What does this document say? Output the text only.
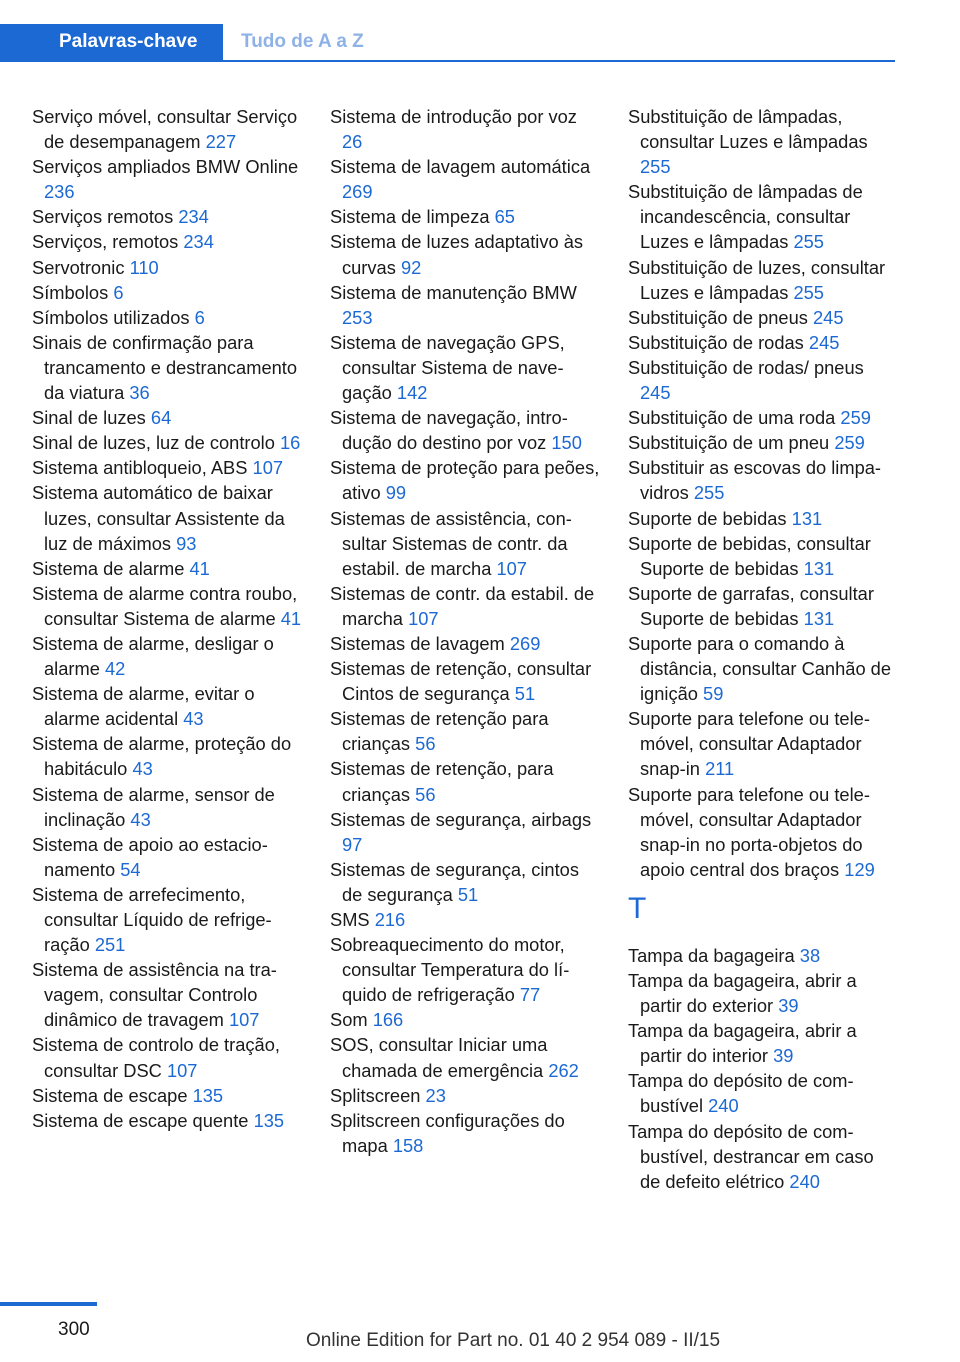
Palavras-chave	Tudo de A a Z
Serviço móvel, consultar Serviço de desempanagem 227
Serviços ampliados BMW Online 236
Serviços remotos 234
Serviços, remotos 234
Servotronic 110
Símbolos 6
Símbolos utilizados 6
Sinais de confirmação para trancamento e destrancamento da viatura 36
Sinal de luzes 64
Sinal de luzes, luz de controlo 16
Sistema antibloqueio, ABS 107
Sistema automático de baixar luzes, consultar Assistente da luz de máximos 93
Sistema de alarme 41
Sistema de alarme contra roubo, consultar Sistema de alarme 41
Sistema de alarme, desligar o alarme 42
Sistema de alarme, evitar o alarme acidental 43
Sistema de alarme, proteção do habitáculo 43
Sistema de alarme, sensor de inclinação 43
Sistema de apoio ao estacionamento 54
Sistema de arrefecimento, consultar Líquido de refrigeração 251
Sistema de assistência na travagem, consultar Controlo dinâmico de travagem 107
Sistema de controlo de tração, consultar DSC 107
Sistema de escape 135
Sistema de escape quente 135
Sistema de introdução por voz 26
Sistema de lavagem automática 269
Sistema de limpeza 65
Sistema de luzes adaptativo às curvas 92
Sistema de manutenção BMW 253
Sistema de navegação GPS, consultar Sistema de navegação 142
Sistema de navegação, introdução do destino por voz 150
Sistema de proteção para peões, ativo 99
Sistemas de assistência, consultar Sistemas de contr. da estabil. de marcha 107
Sistemas de contr. da estabil. de marcha 107
Sistemas de lavagem 269
Sistemas de retenção, consultar Cintos de segurança 51
Sistemas de retenção para crianças 56
Sistemas de retenção, para crianças 56
Sistemas de segurança, airbags 97
Sistemas de segurança, cintos de segurança 51
SMS 216
Sobreaquecimento do motor, consultar Temperatura do líquido de refrigeração 77
Som 166
SOS, consultar Iniciar uma chamada de emergência 262
Splitscreen 23
Splitscreen configurações do mapa 158
Substituição de lâmpadas, consultar Luzes e lâmpadas 255
Substituição de lâmpadas de incandescência, consultar Luzes e lâmpadas 255
Substituição de luzes, consultar Luzes e lâmpadas 255
Substituição de pneus 245
Substituição de rodas 245
Substituição de rodas/ pneus 245
Substituição de uma roda 259
Substituição de um pneu 259
Substituir as escovas do limpa-vidros 255
Suporte de bebidas 131
Suporte de bebidas, consultar Suporte de bebidas 131
Suporte de garrafas, consultar Suporte de bebidas 131
Suporte para o comando à distância, consultar Canhão de ignição 59
Suporte para telefone ou telemóvel, consultar Adaptador snap-in 211
Suporte para telefone ou telemóvel, consultar Adaptador snap-in no porta-objetos do apoio central dos braços 129
T
Tampa da bagageira 38
Tampa da bagageira, abrir a partir do exterior 39
Tampa da bagageira, abrir a partir do interior 39
Tampa do depósito de combustível 240
Tampa do depósito de combustível, destrancar em caso de defeito elétrico 240
300
Online Edition for Part no. 01 40 2 954 089 - II/15
